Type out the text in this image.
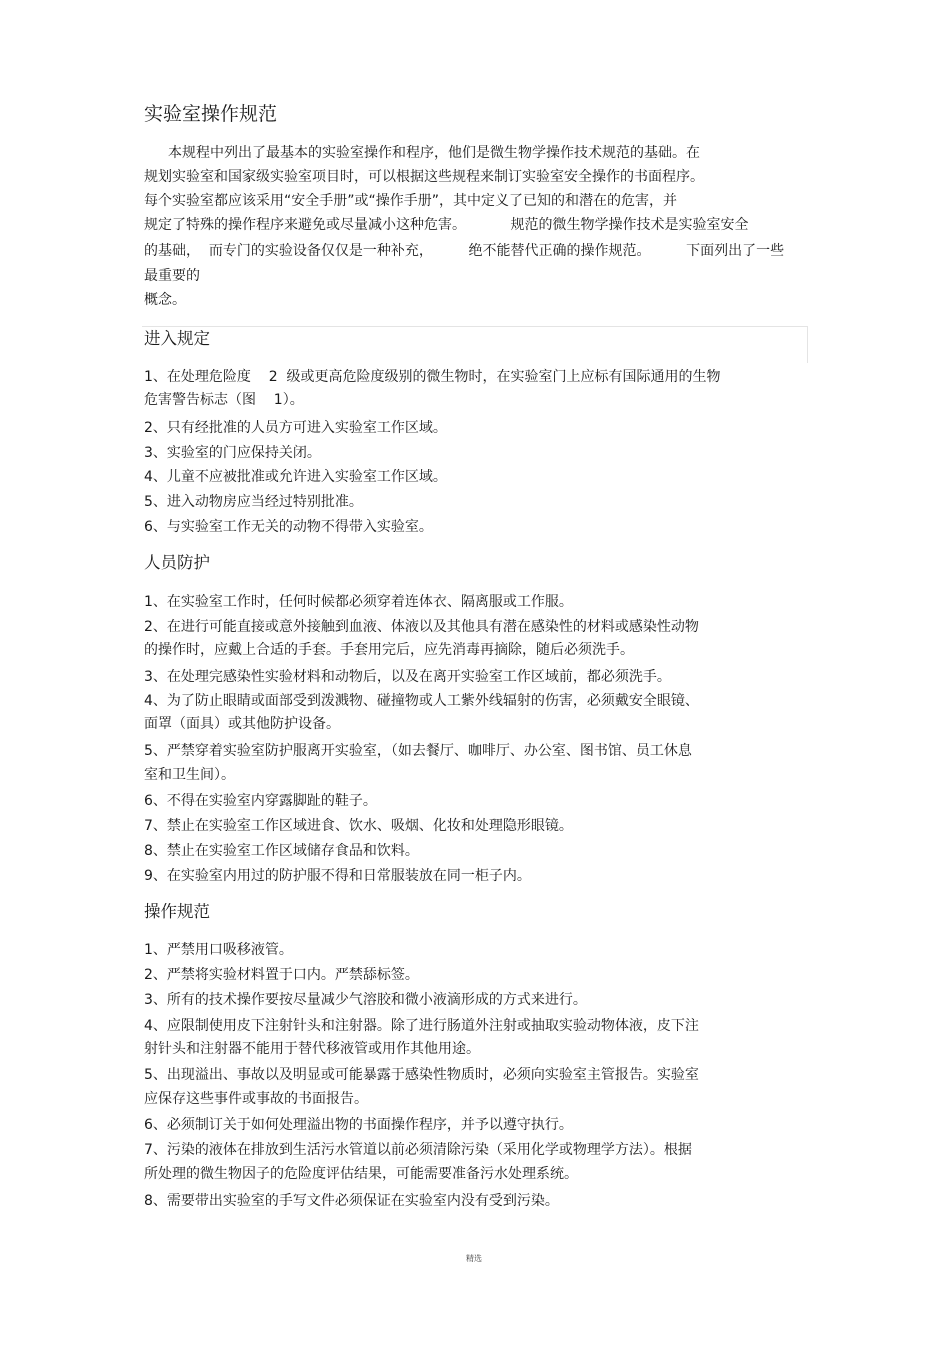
实验室操作规范
本规程中列出了最基本的实验室操作和程序，他们是微生物学操作技术规范的基础。在
规划实验室和国家级实验室项目时，可以根据这些规程来制订实验室安全操作的书面程序。
每个实验室都应该采用“安全手册”或“操作手册”，其中定义了已知的和潜在的危害，并
规定了特殊的操作程序来避免或尽量减小这种危害。          规范的微生物学操作技术是实验室安全
的基础，  而专门的实验设备仅仅是一种补充，        绝不能替代正确的操作规范。        下面列出了一些
最重要的
概念。
进入规定
1、在处理危险度    2  级或更高危险度级别的微生物时，在实验室门上应标有国际通用的生物
危害警告标志（图    1）。
2、只有经批准的人员方可进入实验室工作区域。
3、实验室的门应保持关闭。
4、儿童不应被批准或允许进入实验室工作区域。
5、进入动物房应当经过特别批准。
6、与实验室工作无关的动物不得带入实验室。
人员防护
1、在实验室工作时，任何时候都必须穿着连体衣、隔离服或工作服。
2、在进行可能直接或意外接触到血液、体液以及其他具有潜在感染性的材料或感染性动物
的操作时，应戴上合适的手套。手套用完后，应先消毒再摘除，随后必须洗手。
3、在处理完感染性实验材料和动物后，以及在离开实验室工作区域前，都必须洗手。
4、为了防止眼睛或面部受到泼溅物、碰撞物或人工紫外线辐射的伤害，必须戴安全眼镜、
面罩（面具）或其他防护设备。
5、严禁穿着实验室防护服离开实验室，（如去餐厅、咖啡厅、办公室、图书馆、员工休息
室和卫生间）。
6、不得在实验室内穿露脚趾的鞋子。
7、禁止在实验室工作区域进食、饮水、吸烟、化妆和处理隐形眼镜。
8、禁止在实验室工作区域储存食品和饮料。
9、在实验室内用过的防护服不得和日常服装放在同一柜子内。
操作规范
1、严禁用口吸移液管。
2、严禁将实验材料置于口内。严禁舔标签。
3、所有的技术操作要按尽量减少气溶胶和微小液滴形成的方式来进行。
4、应限制使用皮下注射针头和注射器。除了进行肠道外注射或抽取实验动物体液，皮下注
射针头和注射器不能用于替代移液管或用作其他用途。
5、出现溢出、事故以及明显或可能暴露于感染性物质时，必须向实验室主管报告。实验室
应保存这些事件或事故的书面报告。
6、必须制订关于如何处理溢出物的书面操作程序，并予以遵守执行。
7、污染的液体在排放到生活污水管道以前必须清除污染（采用化学或物理学方法）。根据
所处理的微生物因子的危险度评估结果，可能需要准备污水处理系统。
8、需要带出实验室的手写文件必须保证在实验室内没有受到污染。
精选
